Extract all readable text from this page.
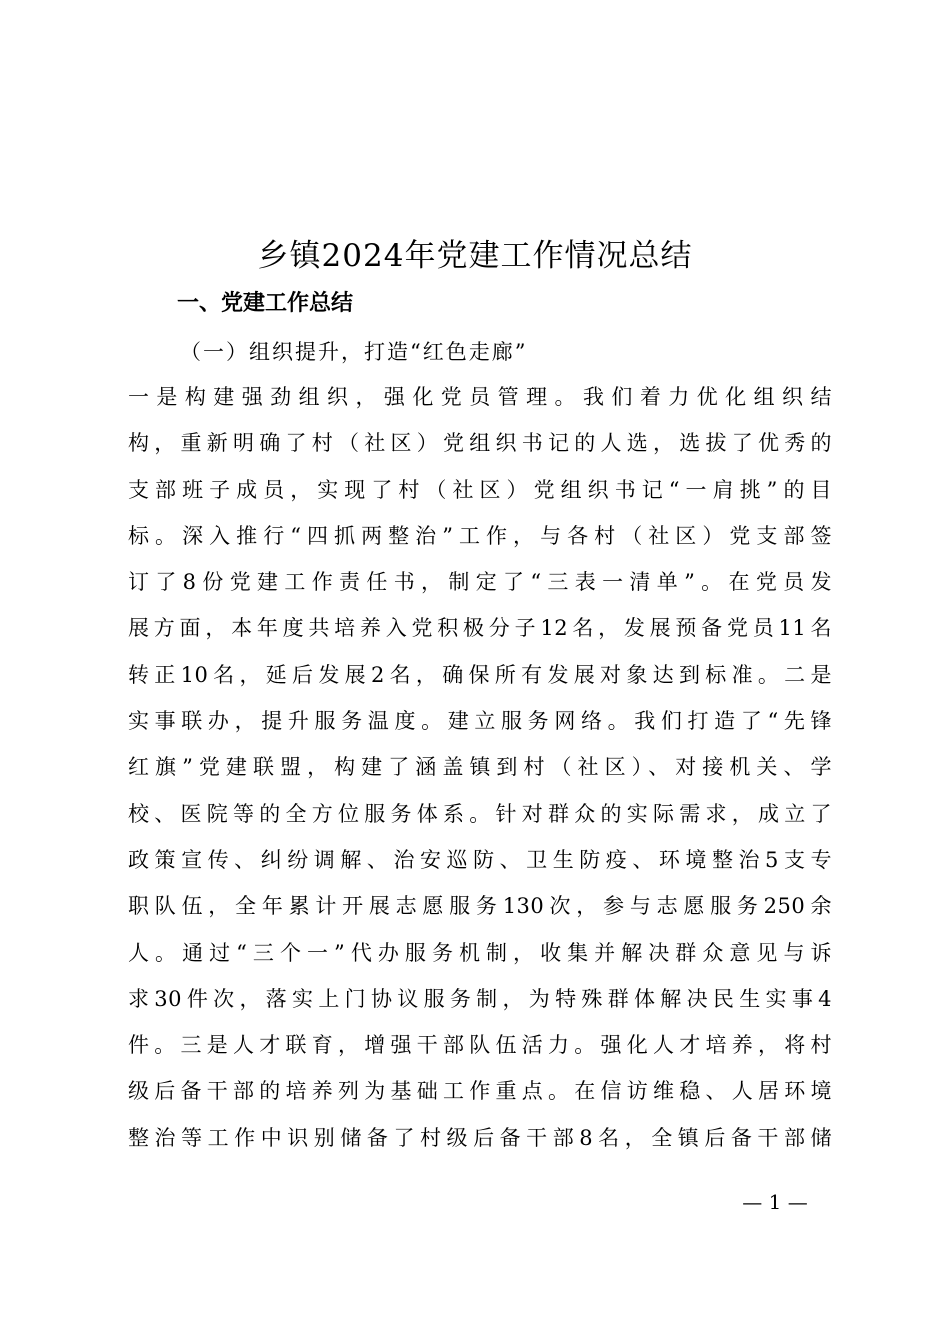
乡镇2024年党建工作情况总结
一、党建工作总结
（一）组织提升，打造“红色走廊”
一是构建强劲组织，强化党员管理。我们着力优化组织结
构，重新明确了村（社区）党组织书记的人选，选拔了优秀的
支部班子成员，实现了村（社区）党组织书记“一肩挑”的目
标。深入推行“四抓两整治”工作，与各村（社区）党支部签
订了8份党建工作责任书，制定了“三表一清单”。在党员发
展方面，本年度共培养入党积极分子12名，发展预备党员11名
转正10名，延后发展2名，确保所有发展对象达到标准。二是
实事联办，提升服务温度。建立服务网络。我们打造了“先锋
红旗”党建联盟，构建了涵盖镇到村（社区）、对接机关、学
校、医院等的全方位服务体系。针对群众的实际需求，成立了
政策宣传、纠纷调解、治安巡防、卫生防疫、环境整治5支专
职队伍，全年累计开展志愿服务130次，参与志愿服务250余
人。通过“三个一”代办服务机制，收集并解决群众意见与诉
求30件次，落实上门协议服务制，为特殊群体解决民生实事4
件。三是人才联育，增强干部队伍活力。强化人才培养，将村
级后备干部的培养列为基础工作重点。在信访维稳、人居环境
整治等工作中识别储备了村级后备干部8名，全镇后备干部储
— 1 —
